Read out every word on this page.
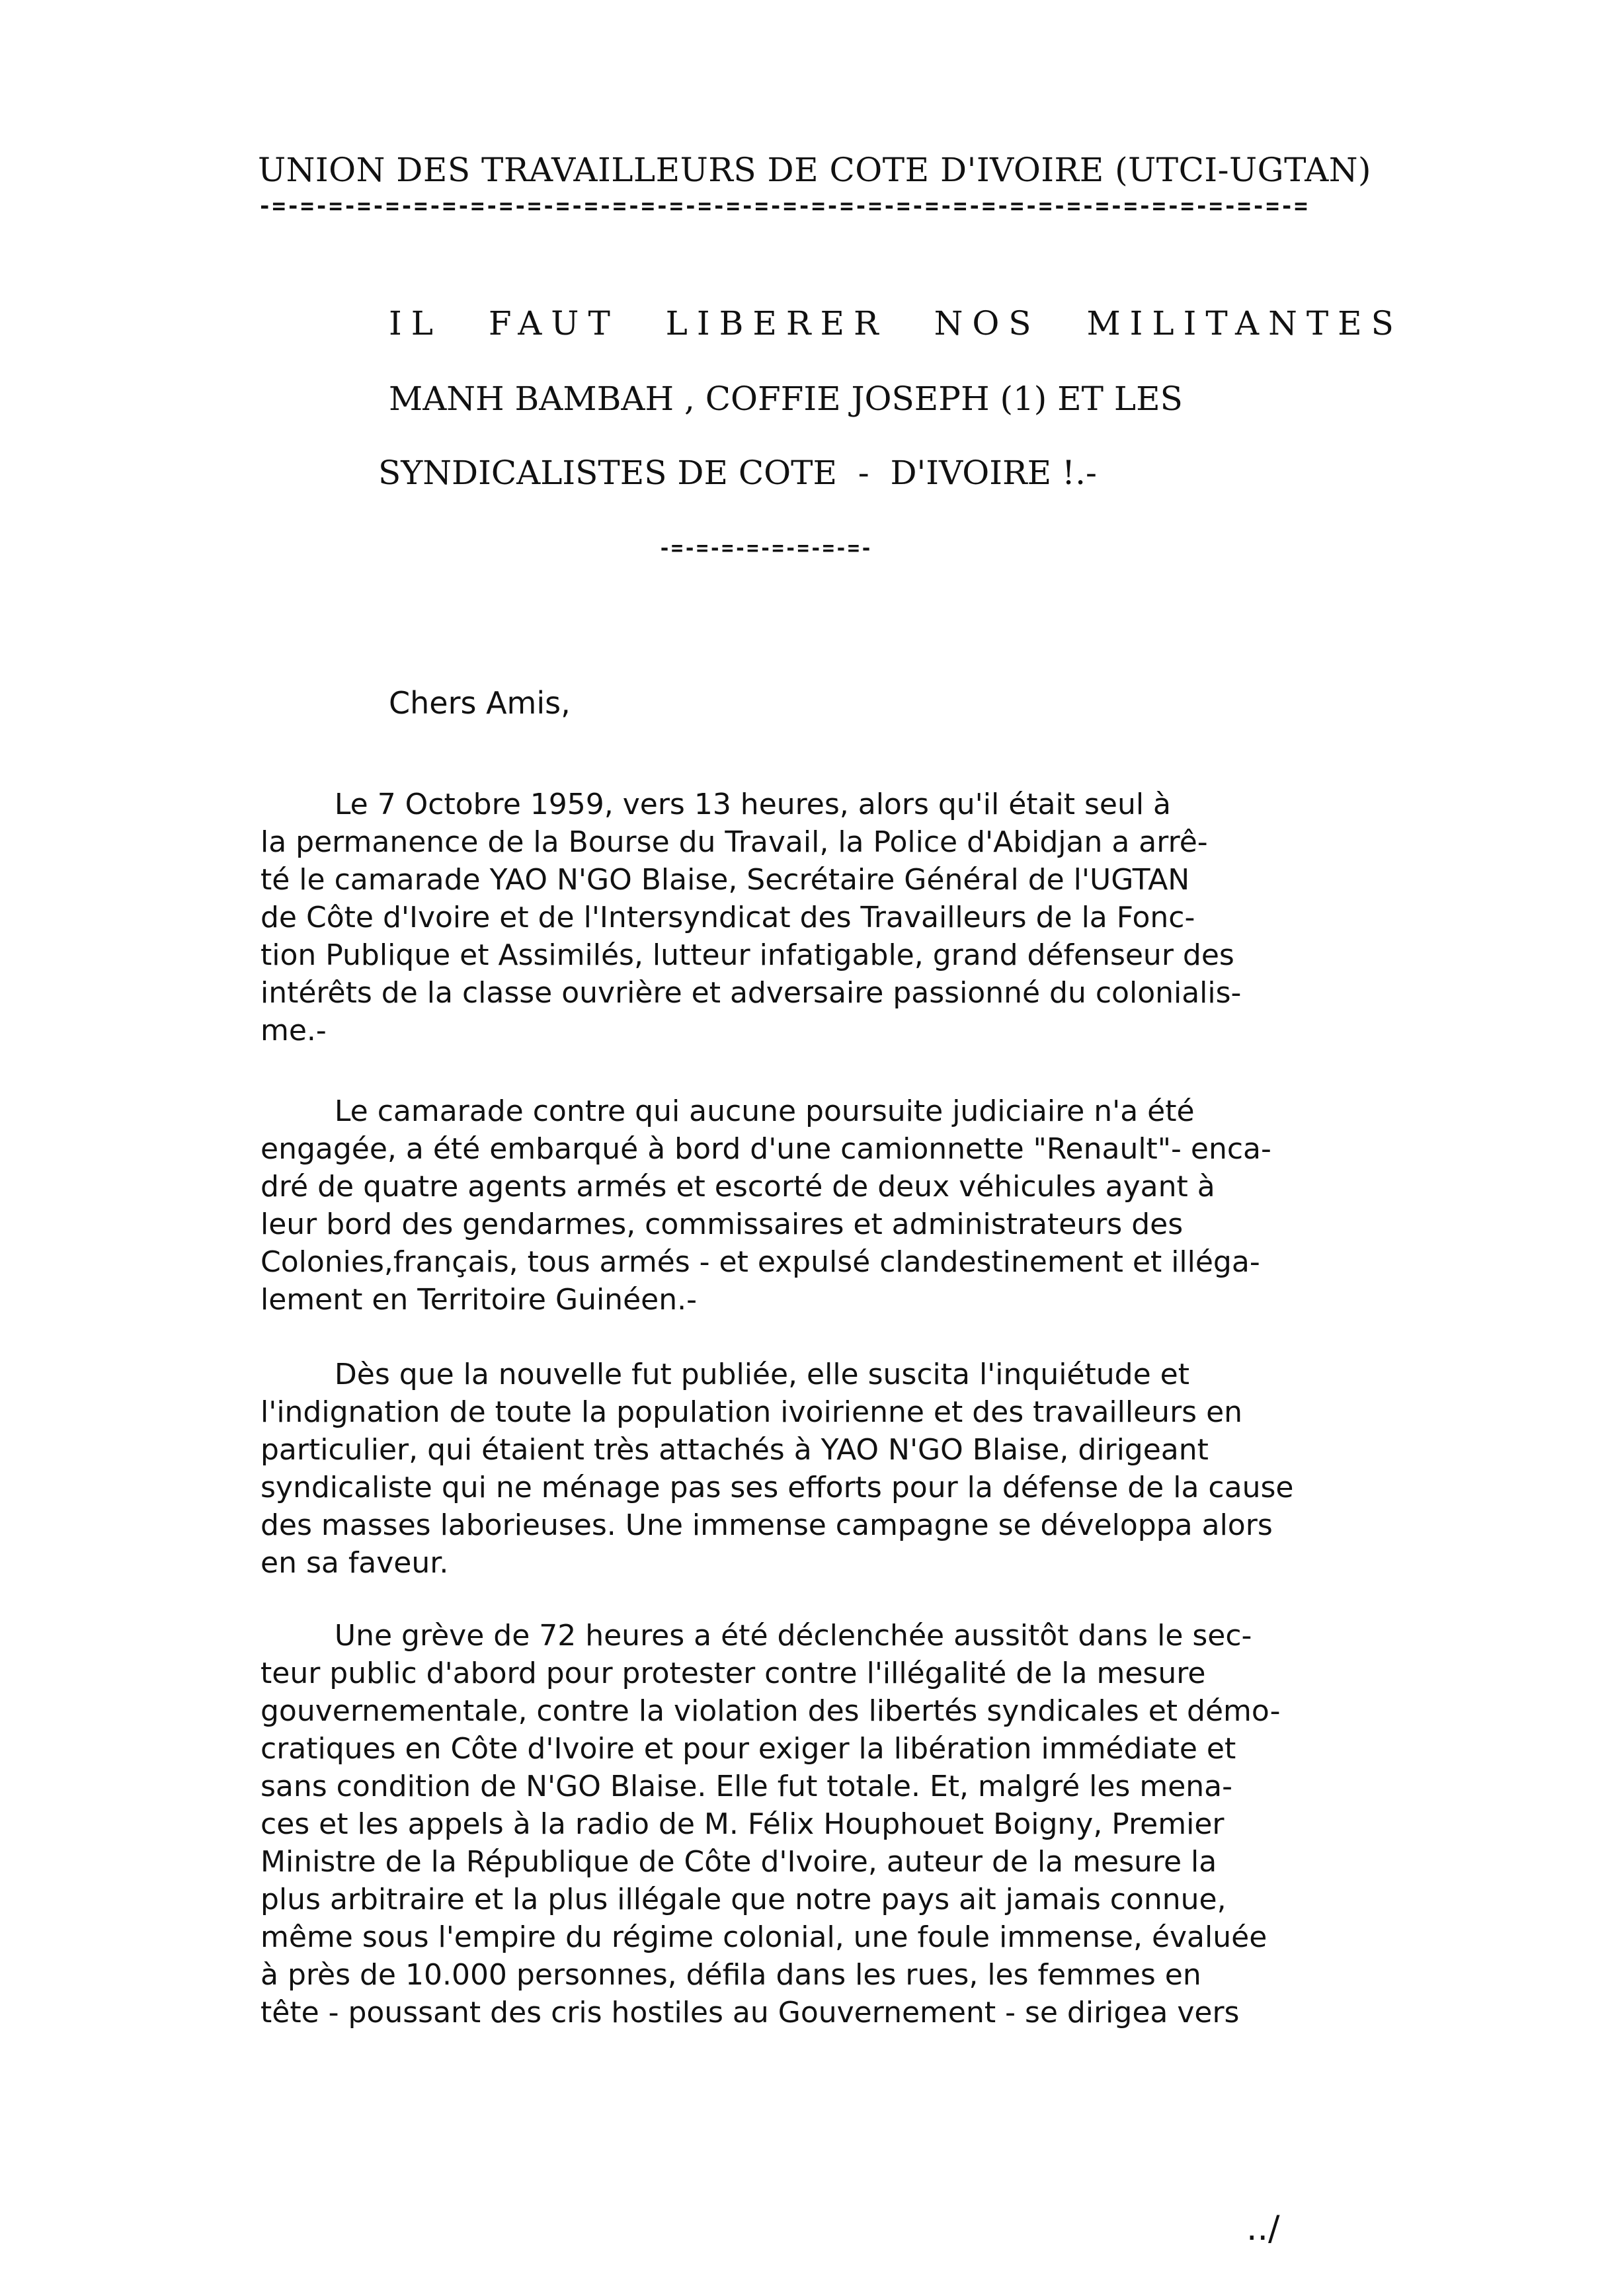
UNION DES TRAVAILLEURS DE COTE D'IVOIRE (UTCI-UGTAN)
-=-=-=-=-=-=-=-=-=-=-=-=-=-=-=-=-=-=-=-=-=-=-=-=-=-=-=-=-=-=-=-=-=-=-=-=-=
IL FAUT LIBERER NOS MILITANTES
MANH BAMBAH , COFFIE JOSEPH (1) ET LES
SYNDICALISTES DE COTE  -  D'IVOIRE !.-
-=-=-=-=-=-=-=-=-
Chers Amis,

Le 7 Octobre 1959, vers 13 heures, alors qu'il était seul à

la permanence de la Bourse du Travail, la Police d'Abidjan a arrê-

té le camarade YAO N'GO Blaise, Secrétaire Général de l'UGTAN

de Côte d'Ivoire et de l'Intersyndicat des Travailleurs de la Fonc-

tion Publique et Assimilés, lutteur infatigable, grand défenseur des

intérêts de la classe ouvrière et adversaire passionné du colonialis-

me.-

Le camarade contre qui aucune poursuite judiciaire n'a été

engagée, a été embarqué à bord d'une camionnette "Renault"- enca-

dré de quatre agents armés et escorté de deux véhicules ayant à

leur bord des gendarmes, commissaires et administrateurs des

Colonies,français, tous armés - et expulsé clandestinement et illéga-

lement en Territoire Guinéen.-

Dès que la nouvelle fut publiée, elle suscita l'inquiétude et

l'indignation de toute la population ivoirienne et des travailleurs en

particulier, qui étaient très attachés à YAO N'GO Blaise, dirigeant

syndicaliste qui ne ménage pas ses efforts pour la défense de la cause

des masses laborieuses. Une immense campagne se développa alors

en sa faveur.

Une grève de 72 heures a été déclenchée aussitôt dans le sec-

teur public d'abord pour protester contre l'illégalité de la mesure

gouvernementale, contre la violation des libertés syndicales et démo-

cratiques en Côte d'Ivoire et pour exiger la libération immédiate et

sans condition de N'GO Blaise. Elle fut totale. Et, malgré les mena-

ces et les appels à la radio de M. Félix Houphouet Boigny, Premier

Ministre de la République de Côte d'Ivoire, auteur de la mesure la

plus arbitraire et la plus illégale que notre pays ait jamais connue,

même sous l'empire du régime colonial, une foule immense, évaluée

à près de 10.000 personnes, défila dans les rues, les femmes en

tête - poussant des cris hostiles au Gouvernement - se dirigea vers

../
